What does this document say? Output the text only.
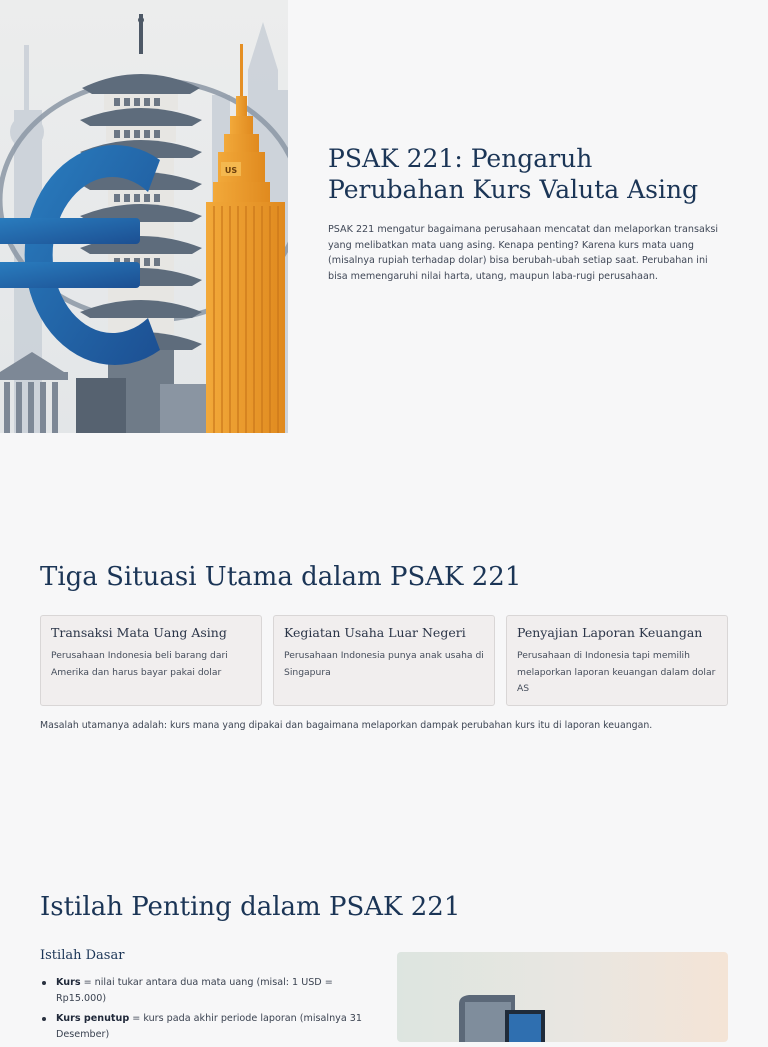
US	PSAK 221: Pengaruh Perubahan Kurs Valuta Asing

PSAK 221 mengatur bagaimana perusahaan mencatat dan melaporkan transaksi yang melibatkan mata uang asing. Kenapa penting? Karena kurs mata uang (misalnya rupiah terhadap dolar) bisa berubah-ubah setiap saat. Perubahan ini bisa memengaruhi nilai harta, utang, maupun laba-rugi perusahaan.

Tiga Situasi Utama dalam PSAK 221
Transaksi Mata Uang Asing

Perusahaan Indonesia beli barang dari Amerika dan harus bayar pakai dolar

Kegiatan Usaha Luar Negeri

Perusahaan Indonesia punya anak usaha di Singapura

Penyajian Laporan Keuangan

Perusahaan di Indonesia tapi memilih melaporkan laporan keuangan dalam dolar AS

Masalah utamanya adalah: kurs mana yang dipakai dan bagaimana melaporkan dampak perubahan kurs itu di laporan keuangan.

Istilah Penting dalam PSAK 221
Istilah Dasar
Kurs = nilai tukar antara dua mata uang (misal: 1 USD = Rp15.000)
Kurs penutup = kurs pada akhir periode laporan (misalnya 31 Desember)
